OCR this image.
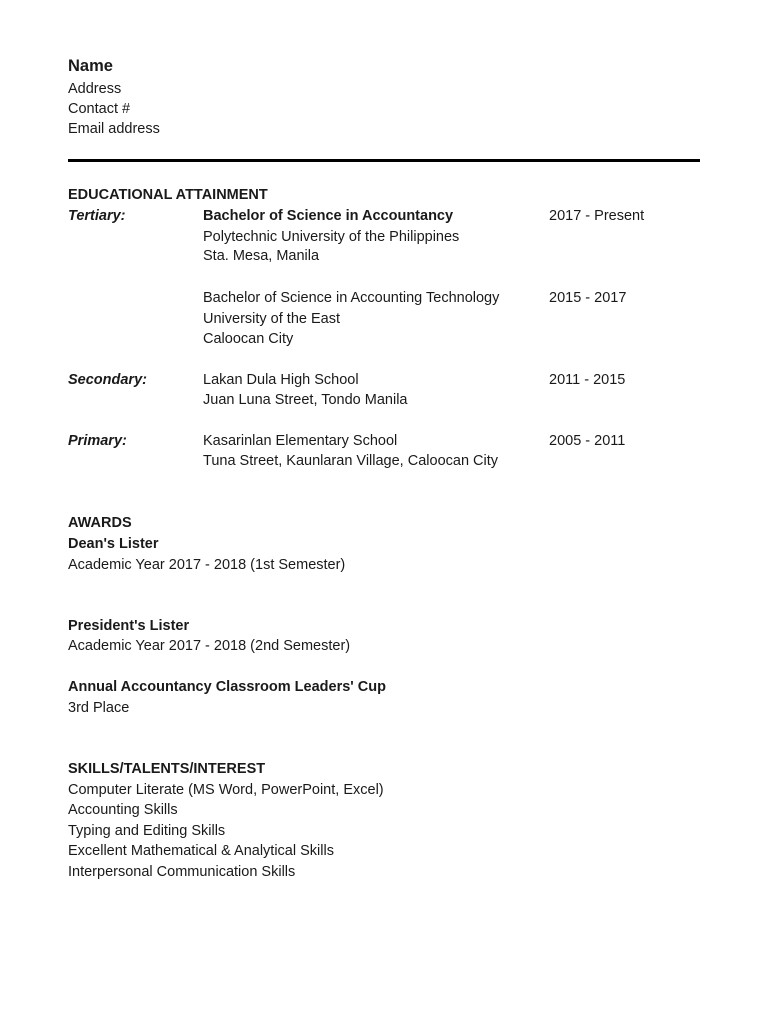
Name
Address
Contact #
Email address
EDUCATIONAL ATTAINMENT
Tertiary:	Bachelor of Science in Accountancy	2017 - Present
Polytechnic University of the Philippines
Sta. Mesa, Manila
Bachelor of Science in Accounting Technology	2015 - 2017
University of the East
Caloocan City
Secondary:	Lakan Dula High School	2011 - 2015
Juan Luna Street, Tondo Manila
Primary:	Kasarinlan Elementary School	2005 - 2011
Tuna Street, Kaunlaran Village, Caloocan City
AWARDS
Dean's Lister
Academic Year 2017 - 2018 (1st Semester)
President's Lister
Academic Year 2017 - 2018 (2nd Semester)
Annual Accountancy Classroom Leaders' Cup
3rd Place
SKILLS/TALENTS/INTEREST
Computer Literate (MS Word, PowerPoint, Excel)
Accounting Skills
Typing and Editing Skills
Excellent Mathematical & Analytical Skills
Interpersonal Communication Skills
